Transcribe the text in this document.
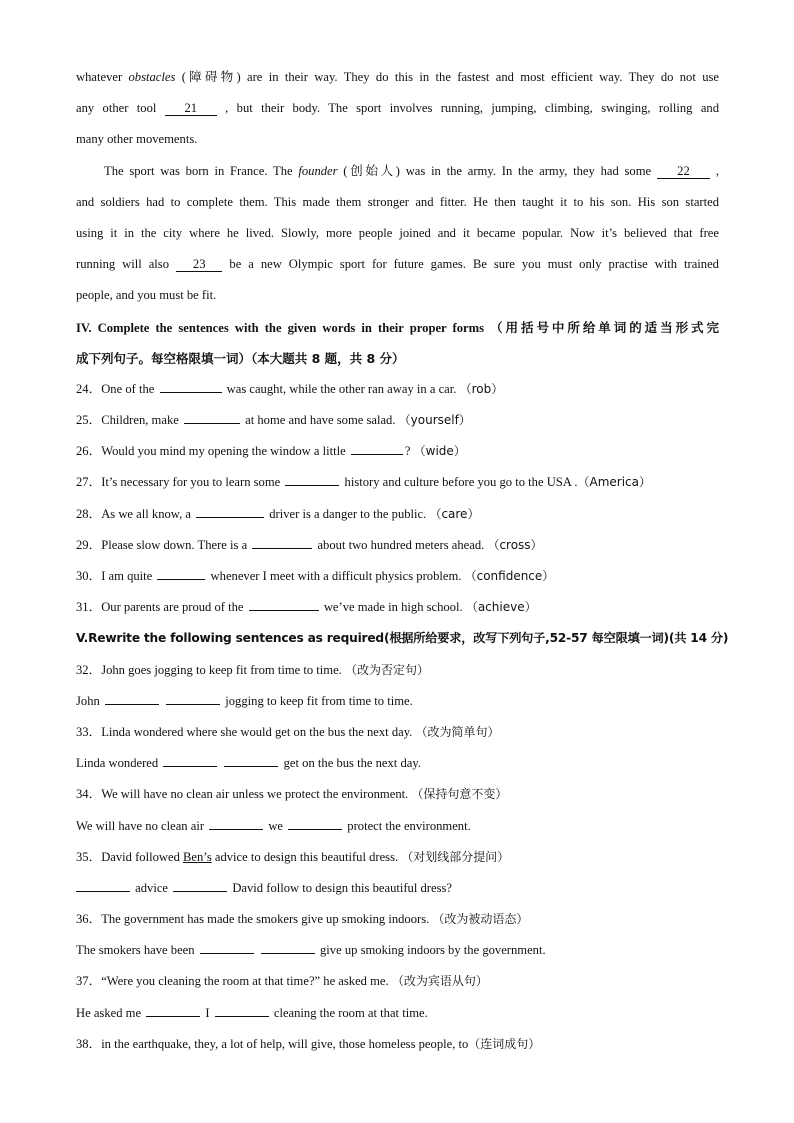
whatever obstacles (障碍物) are in their way. They do this in the fastest and most efficient way. They do not use
any other tool   21   , but their body. The sport involves running, jumping, climbing, swinging, rolling and
many other movements.
The sport was born in France. The founder (创始人) was in the army. In the army, they had some    22    ,
and soldiers had to complete them. This made them stronger and fitter. He then taught it to his son. His son started
using it in the city where he lived. Slowly, more people joined and it became popular. Now it’s believed that free
running will also   23   be a new Olympic sport for future games. Be sure you must only practise with trained
people, and you must be fit.
IV. Complete the sentences with the given words in their proper forms （用括号中所给单词的适当形式完
成下列句子。每空格限填一词）（本大题共 8 题，共 8 分）
24．One of the	was caught, while the other ran away in a car. （rob）
25．Children, make	at home and have some salad. （yourself）
26．Would you mind my opening the window a little	? （wide）
27．It’s necessary for you to learn some	history and culture before you go to the USA .（America）
28．As we all know, a	driver is a danger to the public. （care）
29．Please slow down. There is a	about two hundred meters ahead. （cross）
30．I am quite	whenever I meet with a difficult physics problem. （confidence）
31．Our parents are proud of the	we’ve made in high school. （achieve）
V.Rewrite the following sentences as required(根据所给要求，改写下列句子,52-57 每空限填一词)(共 14 分)
32．John goes jogging to keep fit from time to time. （改为否定句）
John	jogging to keep fit from time to time.
33．Linda wondered where she would get on the bus the next day. （改为简单句）
Linda wondered	get on the bus the next day.
34．We will have no clean air unless we protect the environment. （保持句意不变）
We will have no clean air	we	protect the environment.
35．David followed Ben’s advice to design this beautiful dress. （对划线部分提问）
advice	David follow to design this beautiful dress?
36．The government has made the smokers give up smoking indoors. （改为被动语态）
The smokers have been	give up smoking indoors by the government.
37．“Were you cleaning the room at that time?” he asked me. （改为宾语从句）
He asked me	I	cleaning the room at that time.
38．in the earthquake, they, a lot of help, will give, those homeless people, to（连词成句）
